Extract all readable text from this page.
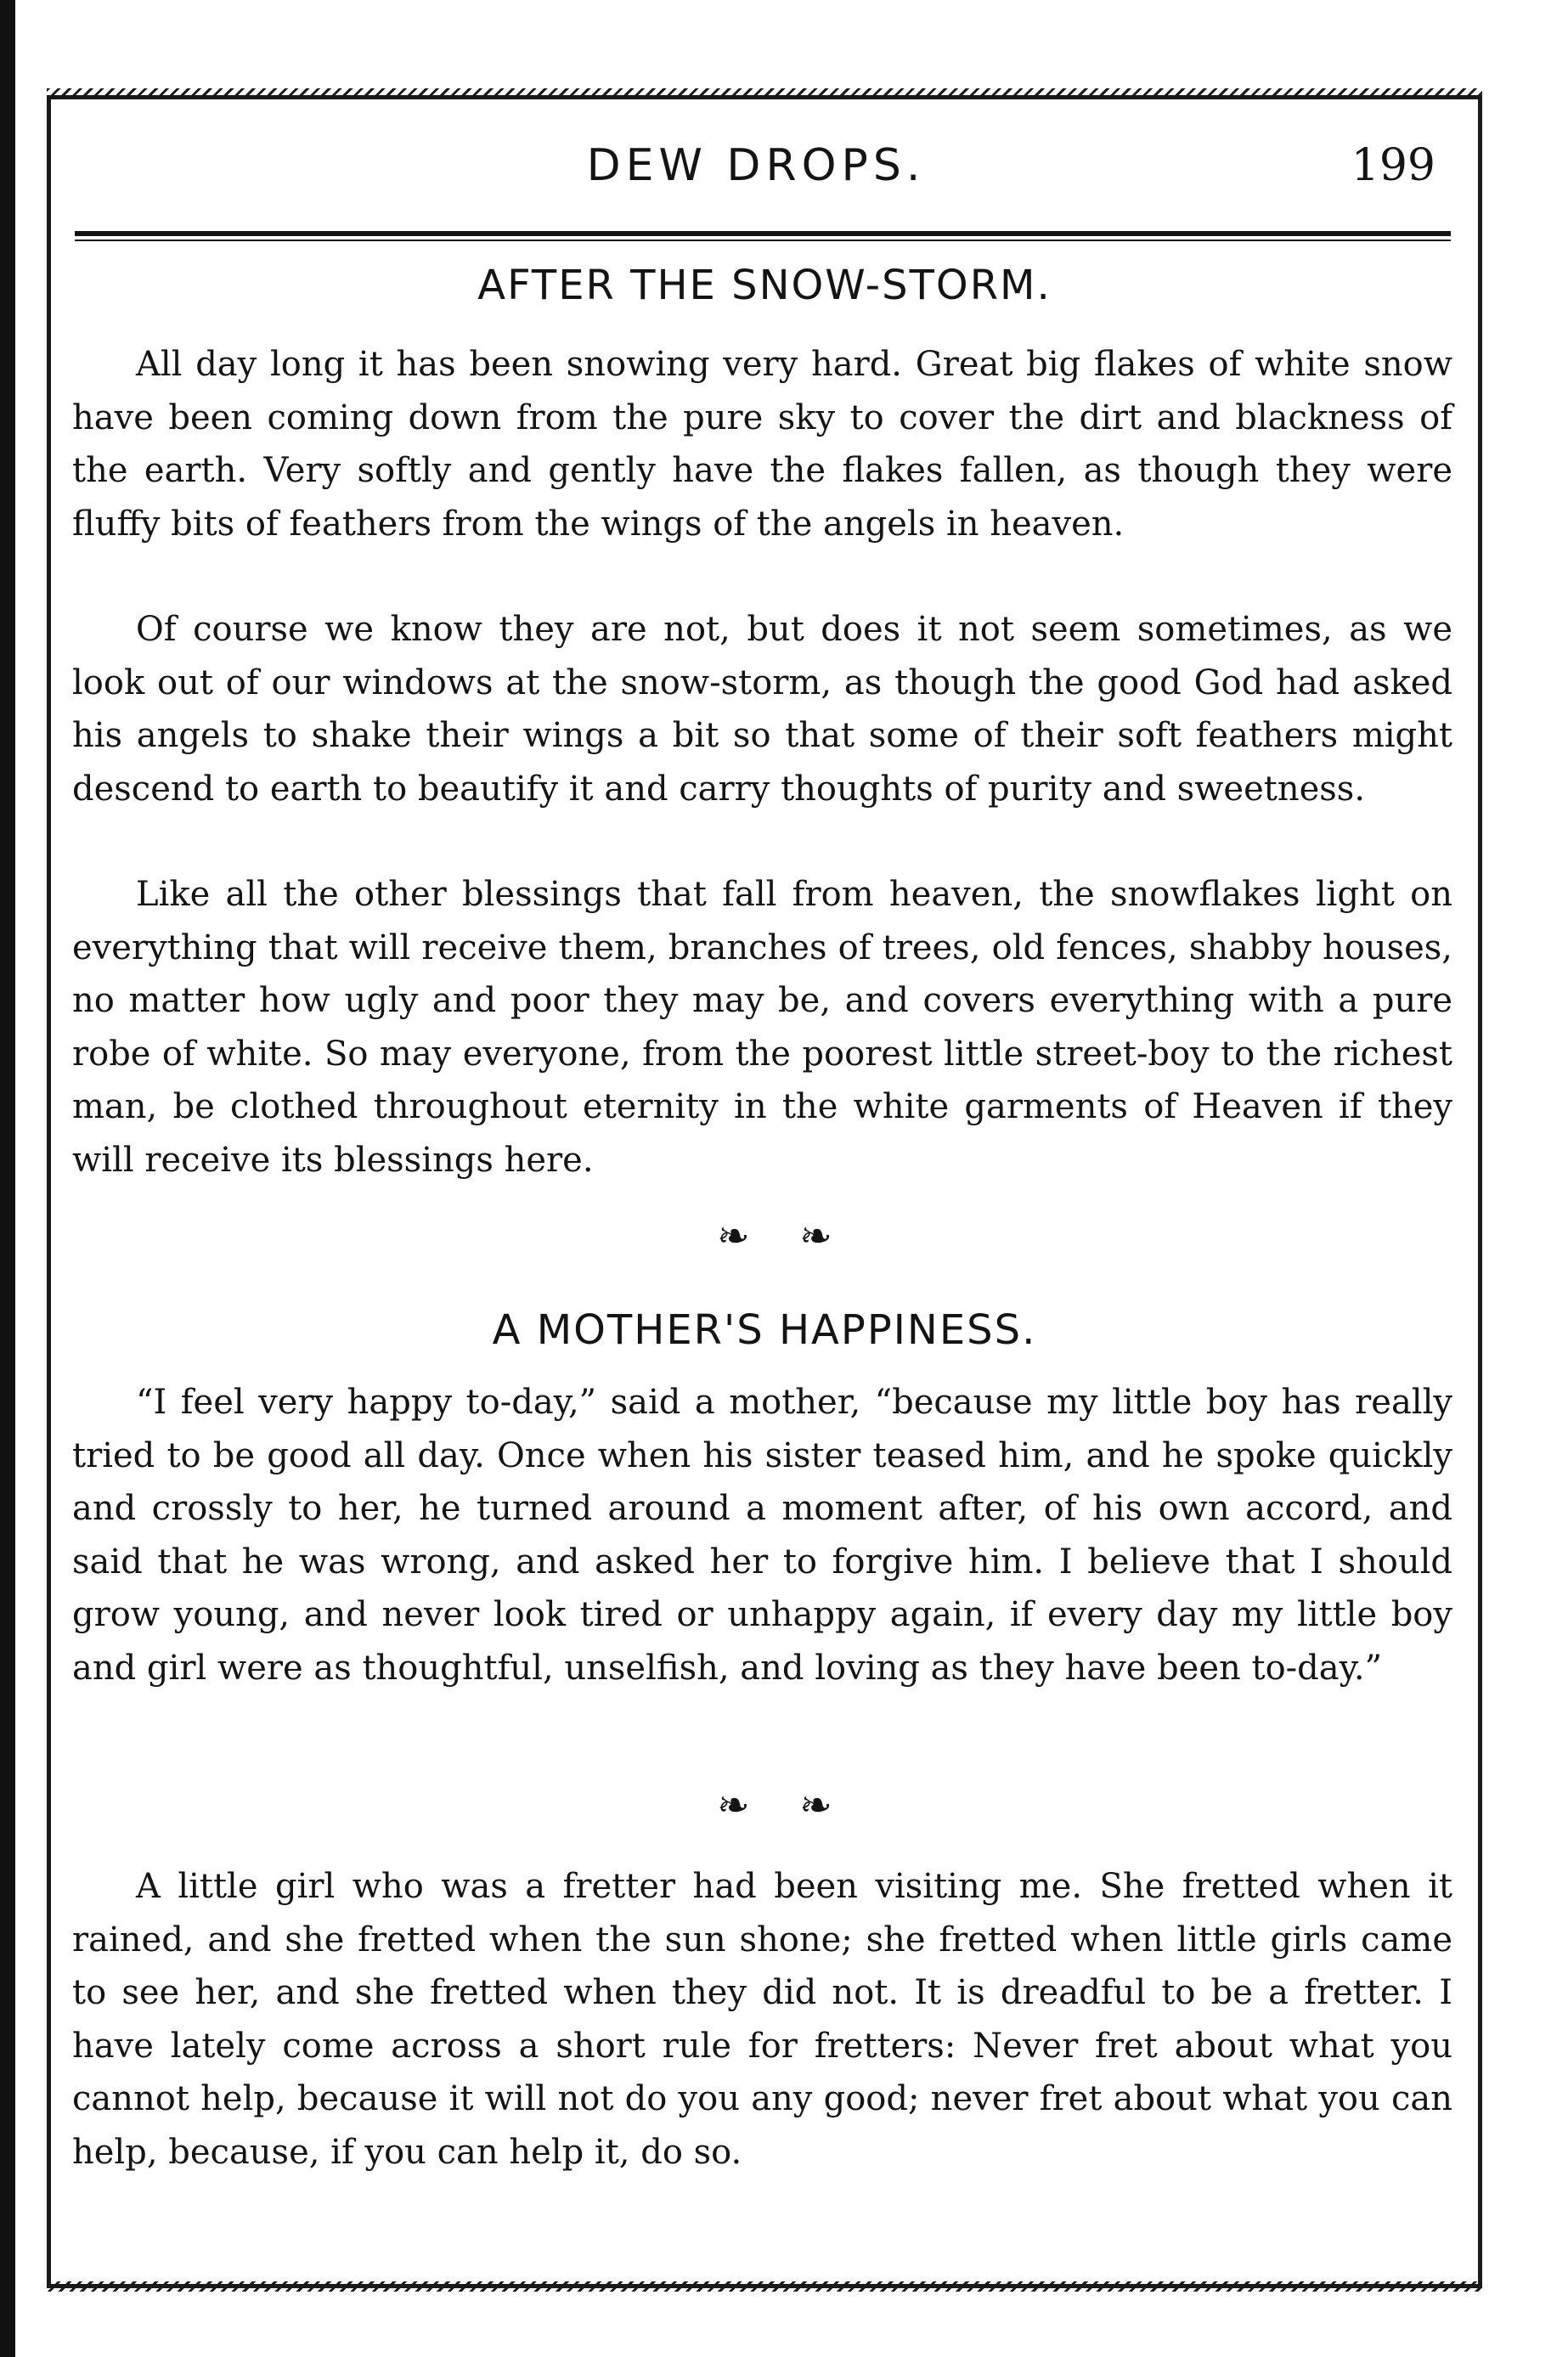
DEW DROPS.	199
AFTER THE SNOW-STORM.

All day long it has been snowing very hard. Great big flakes of white snow have been coming down from the pure sky to cover the dirt and blackness of the earth. Very softly and gently have the flakes fallen, as though they were fluffy bits of feathers from the wings of the angels in heaven.

Of course we know they are not, but does it not seem sometimes, as we look out of our windows at the snow-storm, as though the good God had asked his angels to shake their wings a bit so that some of their soft feathers might descend to earth to beautify it and carry thoughts of purity and sweetness.

Like all the other blessings that fall from heaven, the snowflakes light on everything that will receive them, branches of trees, old fences, shabby houses, no matter how ugly and poor they may be, and covers everything with a pure robe of white. So may everyone, from the poorest little street-boy to the richest man, be clothed throughout eternity in the white garments of Heaven if they will receive its blessings here.

❧ ❧
A MOTHER'S HAPPINESS.

“I feel very happy to-day,” said a mother, “because my little boy has really tried to be good all day. Once when his sister teased him, and he spoke quickly and crossly to her, he turned around a moment after, of his own accord, and said that he was wrong, and asked her to forgive him. I believe that I should grow young, and never look tired or unhappy again, if every day my little boy and girl were as thoughtful, unselfish, and loving as they have been to-day.”

❧ ❧

A little girl who was a fretter had been visiting me. She fretted when it rained, and she fretted when the sun shone; she fretted when little girls came to see her, and she fretted when they did not. It is dreadful to be a fretter. I have lately come across a short rule for fretters: Never fret about what you cannot help, because it will not do you any good; never fret about what you can help, because, if you can help it, do so.
